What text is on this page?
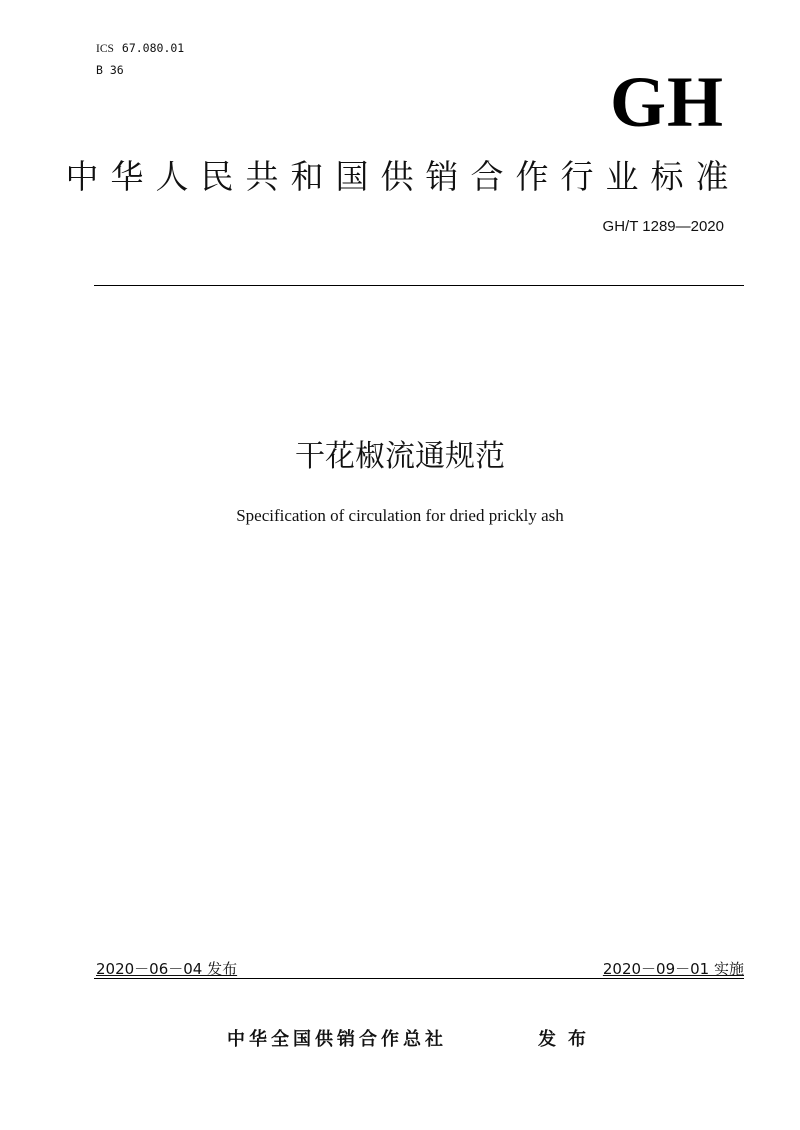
ICS 67.080.01
B 36	GH
中华人民共和国供销合作行业标准
GH/T 1289—2020
干花椒流通规范
Specification of circulation for dried prickly ash
2020－06－04 发布	2020－09－01 实施
中华全国供销合作总社	发布
